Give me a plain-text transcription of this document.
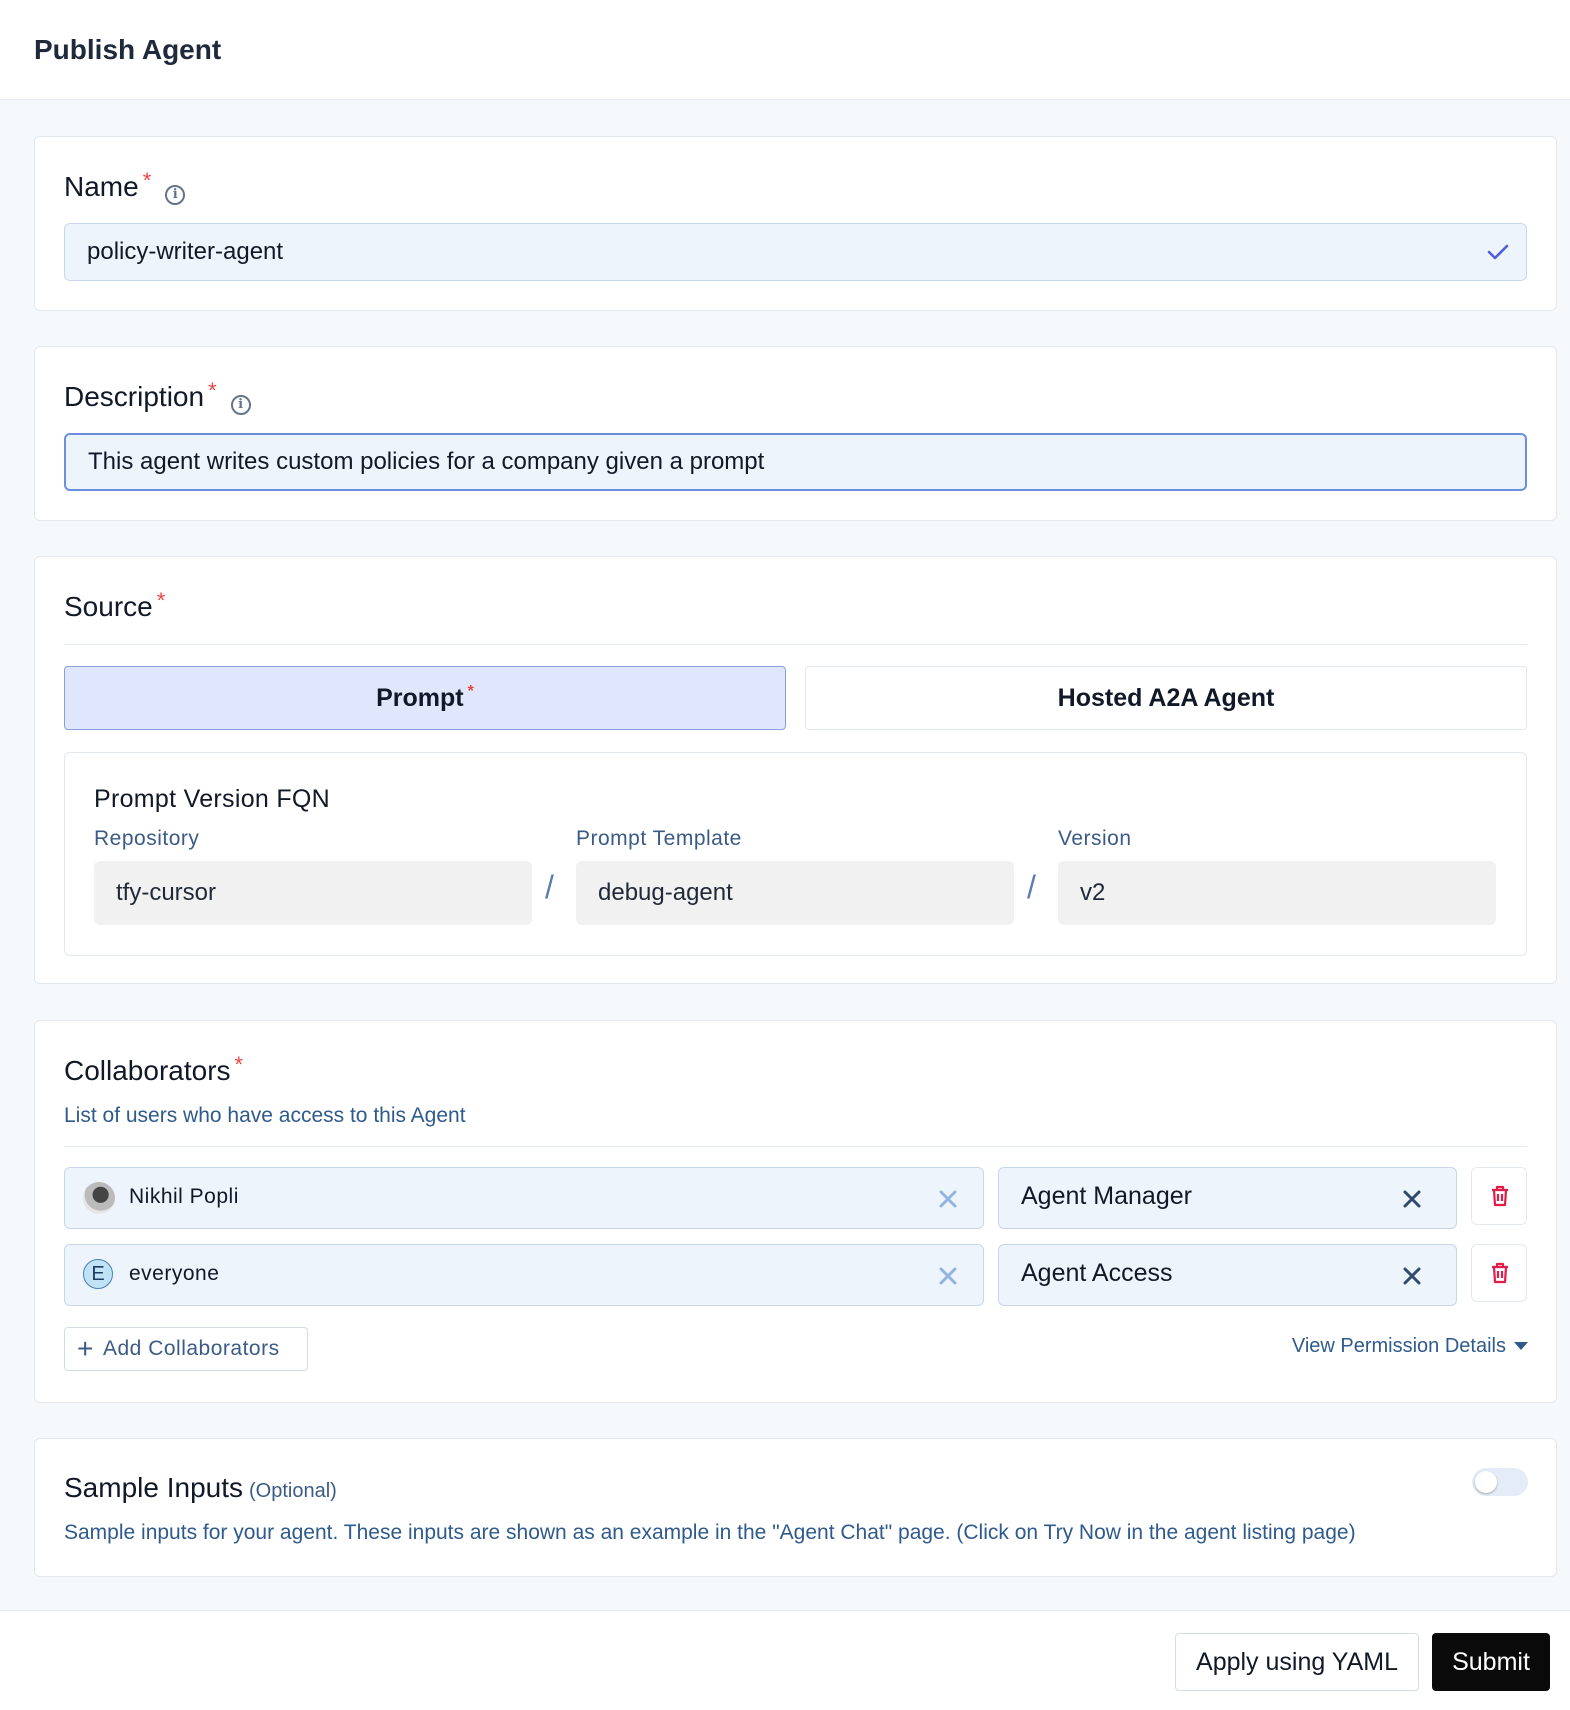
Publish Agent
Name *i
policy-writer-agent
Description *i
This agent writes custom policies for a company given a prompt
Source *
Prompt *	Hosted A2A Agent
Prompt Version FQN
Repository
tfy-cursor	/
Prompt Template
debug-agent	/
Version
v2
Collaborators *
List of users who have access to this Agent
Nikhil Popli	Agent Manager
E	everyone	Agent Access
+ Add Collaborators	View Permission Details
Sample Inputs (Optional)
Sample inputs for your agent. These inputs are shown as an example in the "Agent Chat" page. (Click on Try Now in the agent listing page)
Apply using YAML	Submit
